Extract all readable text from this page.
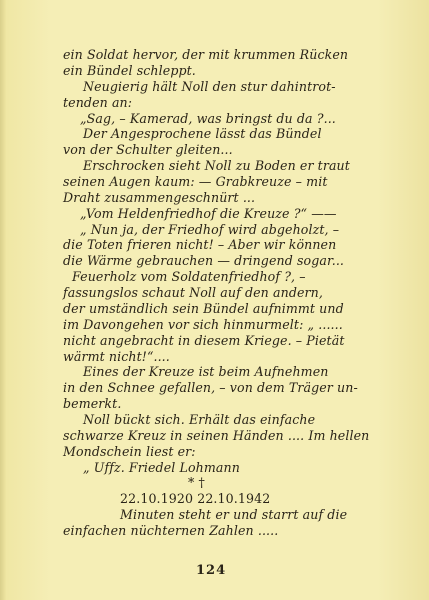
ein Soldat hervor, der mit krummen Rücken
ein Bündel schleppt.
Neugierig hält Noll den stur dahintrot-
tenden an:
„Sag, – Kamerad, was bringst du da ?...
Der Angesprochene lässt das Bündel
von der Schulter gleiten...
Erschrocken sieht Noll zu Boden er traut
seinen Augen kaum: — Grabkreuze – mit
Draht zusammengeschnürt ...
„Vom Heldenfriedhof die Kreuze ?“ ——
„ Nun ja, der Friedhof wird abgeholzt, –
die Toten frieren nicht! – Aber wir können
die Wärme gebrauchen — dringend sogar...
Feuerholz vom Soldatenfriedhof ?, –
fassungslos schaut Noll auf den andern,
der umständlich sein Bündel aufnimmt und
im Davongehen vor sich hinmurmelt: „ ......
nicht angebracht in diesem Kriege. – Pietät
wärmt nicht!“....
Eines der Kreuze ist beim Aufnehmen
in den Schnee gefallen, – von dem Träger un-
bemerkt.
Noll bückt sich. Erhält das einfache
schwarze Kreuz in seinen Händen .... Im hellen
Mondschein liest er:
„ Uffz. Friedel Lohmann
* †
22.10.1920 22.10.1942
Minuten steht er und starrt auf die
einfachen nüchternen Zahlen .....
124
